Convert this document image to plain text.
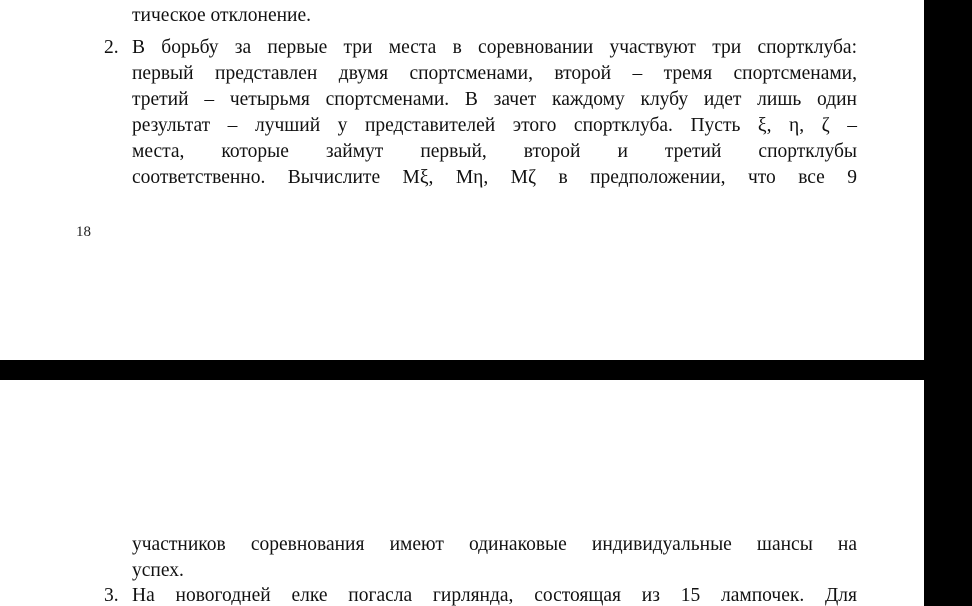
тическое отклонение.
2. В борьбу за первые три места в соревновании участвуют три спортклуба:
первый представлен двумя спортсменами, второй – тремя спортсменами,
третий – четырьмя спортсменами. В зачет каждому клубу идет лишь один
результат – лучший у представителей этого спортклуба. Пусть ξ, η, ζ –
места, которые займут первый, второй и третий спортклубы
соответственно. Вычислите Mξ, Mη, Mζ в предположении, что все 9
18
участников соревнования имеют одинаковые индивидуальные шансы на
успех.
3. На новогодней елке погасла гирлянда, состоящая из 15 лампочек. Для
